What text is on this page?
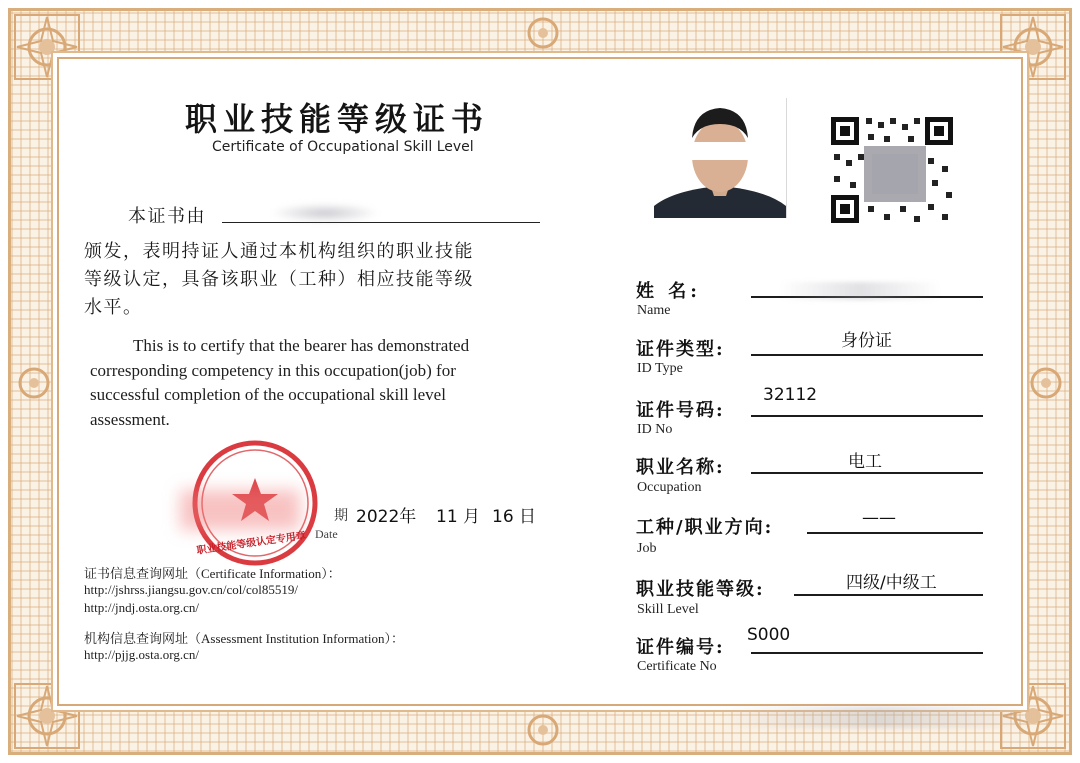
职业技能等级证书
Certificate of Occupational Skill Level
本证书由
颁发，表明持证人通过本机构组织的职业技能
等级认定，具备该职业（工种）相应技能等级
水平。
This is to certify that the bearer has demonstrated
corresponding competency in this occupation(job) for
successful completion of the occupational skill level
assessment.
职业技能等级认定专用章
期
Date
2022年 11 月 16 日
证书信息查询网址（Certificate Information）：
http://jshrss.jiangsu.gov.cn/col/col85519/
http://jndj.osta.org.cn/
机构信息查询网址（Assessment Institution Information）：
http://pjjg.osta.org.cn/
姓 名:
Name
证件类型:
ID Type
身份证
证件号码:
ID No
32112
职业名称:
Occupation
电工
工种/职业方向:
Job
——
职业技能等级:
Skill Level
四级/中级工
证件编号:
Certificate No
S000
